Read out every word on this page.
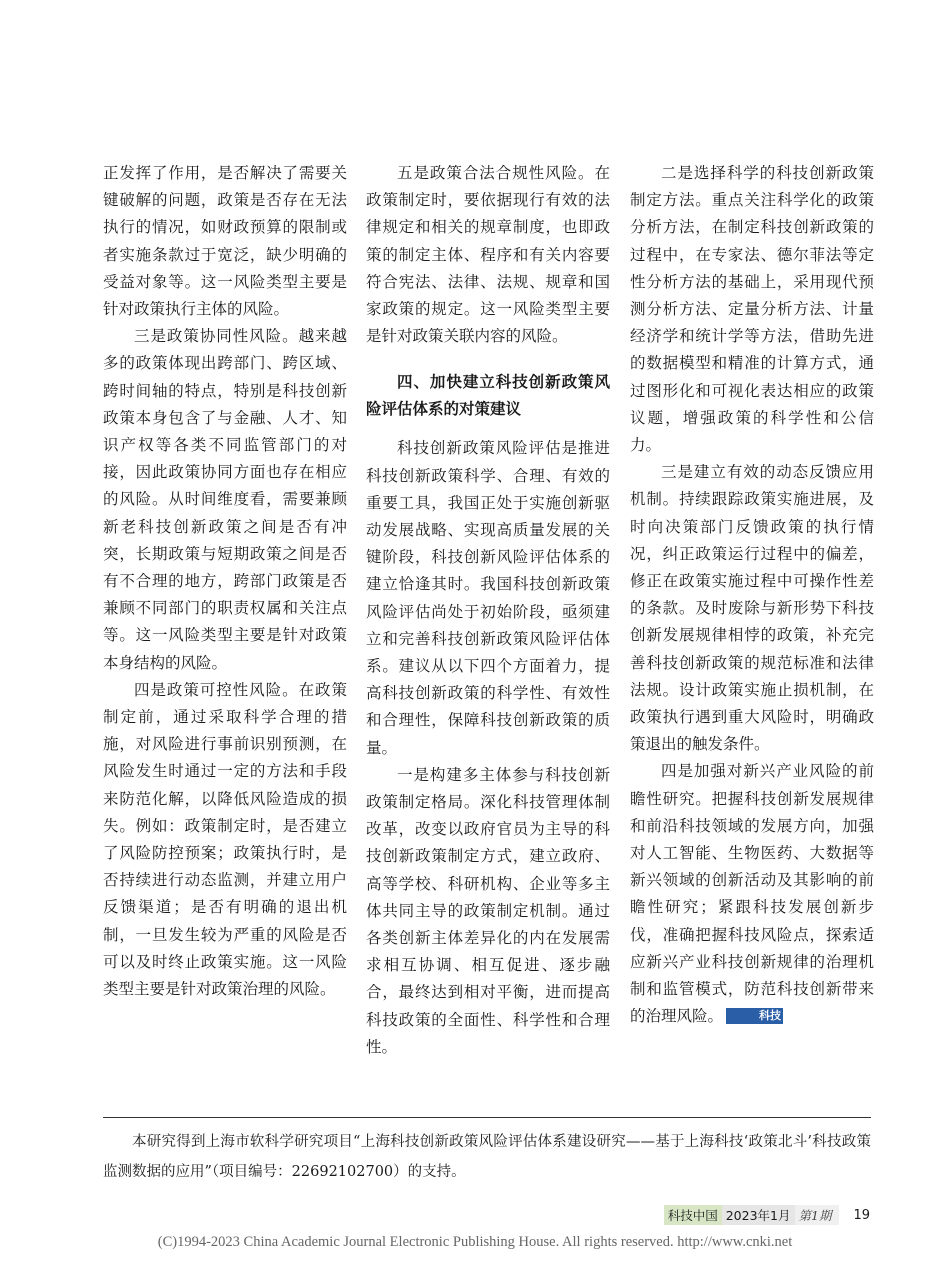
正发挥了作用，是否解决了需要关键破解的问题，政策是否存在无法执行的情况，如财政预算的限制或者实施条款过于宽泛，缺少明确的受益对象等。这一风险类型主要是针对政策执行主体的风险。

三是政策协同性风险。越来越多的政策体现出跨部门、跨区域、跨时间轴的特点，特别是科技创新政策本身包含了与金融、人才、知识产权等各类不同监管部门的对接，因此政策协同方面也存在相应的风险。从时间维度看，需要兼顾新老科技创新政策之间是否有冲突，长期政策与短期政策之间是否有不合理的地方，跨部门政策是否兼顾不同部门的职责权属和关注点等。这一风险类型主要是针对政策本身结构的风险。

四是政策可控性风险。在政策制定前，通过采取科学合理的措施，对风险进行事前识别预测，在风险发生时通过一定的方法和手段来防范化解，以降低风险造成的损失。例如：政策制定时，是否建立了风险防控预案；政策执行时，是否持续进行动态监测，并建立用户反馈渠道；是否有明确的退出机制，一旦发生较为严重的风险是否可以及时终止政策实施。这一风险类型主要是针对政策治理的风险。

五是政策合法合规性风险。在政策制定时，要依据现行有效的法律规定和相关的规章制度，也即政策的制定主体、程序和有关内容要符合宪法、法律、法规、规章和国家政策的规定。这一风险类型主要是针对政策关联内容的风险。

四、加快建立科技创新政策风险评估体系的对策建议

科技创新政策风险评估是推进科技创新政策科学、合理、有效的重要工具，我国正处于实施创新驱动发展战略、实现高质量发展的关键阶段，科技创新风险评估体系的建立恰逢其时。我国科技创新政策风险评估尚处于初始阶段，亟须建立和完善科技创新政策风险评估体系。建议从以下四个方面着力，提高科技创新政策的科学性、有效性和合理性，保障科技创新政策的质量。

一是构建多主体参与科技创新政策制定格局。深化科技管理体制改革，改变以政府官员为主导的科技创新政策制定方式，建立政府、高等学校、科研机构、企业等多主体共同主导的政策制定机制。通过各类创新主体差异化的内在发展需求相互协调、相互促进、逐步融合，最终达到相对平衡，进而提高科技政策的全面性、科学性和合理性。

二是选择科学的科技创新政策制定方法。重点关注科学化的政策分析方法，在制定科技创新政策的过程中，在专家法、德尔菲法等定性分析方法的基础上，采用现代预测分析方法、定量分析方法、计量经济学和统计学等方法，借助先进的数据模型和精准的计算方式，通过图形化和可视化表达相应的政策议题，增强政策的科学性和公信力。

三是建立有效的动态反馈应用机制。持续跟踪政策实施进展，及时向决策部门反馈政策的执行情况，纠正政策运行过程中的偏差，修正在政策实施过程中可操作性差的条款。及时废除与新形势下科技创新发展规律相悖的政策，补充完善科技创新政策的规范标准和法律法规。设计政策实施止损机制，在政策执行遇到重大风险时，明确政策退出的触发条件。

四是加强对新兴产业风险的前瞻性研究。把握科技创新发展规律和前沿科技领域的发展方向，加强对人工智能、生物医药、大数据等新兴领域的创新活动及其影响的前瞻性研究；紧跟科技发展创新步伐，准确把握科技风险点，探索适应新兴产业科技创新规律的治理机制和监管模式，防范科技创新带来的治理风险。	科技

本研究得到上海市软科学研究项目“上海科技创新政策风险评估体系建设研究——基于上海科技‘政策北斗’科技政策监测数据的应用”（项目编号：22692102700）的支持。
科技中国 2023年1月 第1期	19
(C)1994-2023 China Academic Journal Electronic Publishing House. All rights reserved. http://www.cnki.net
